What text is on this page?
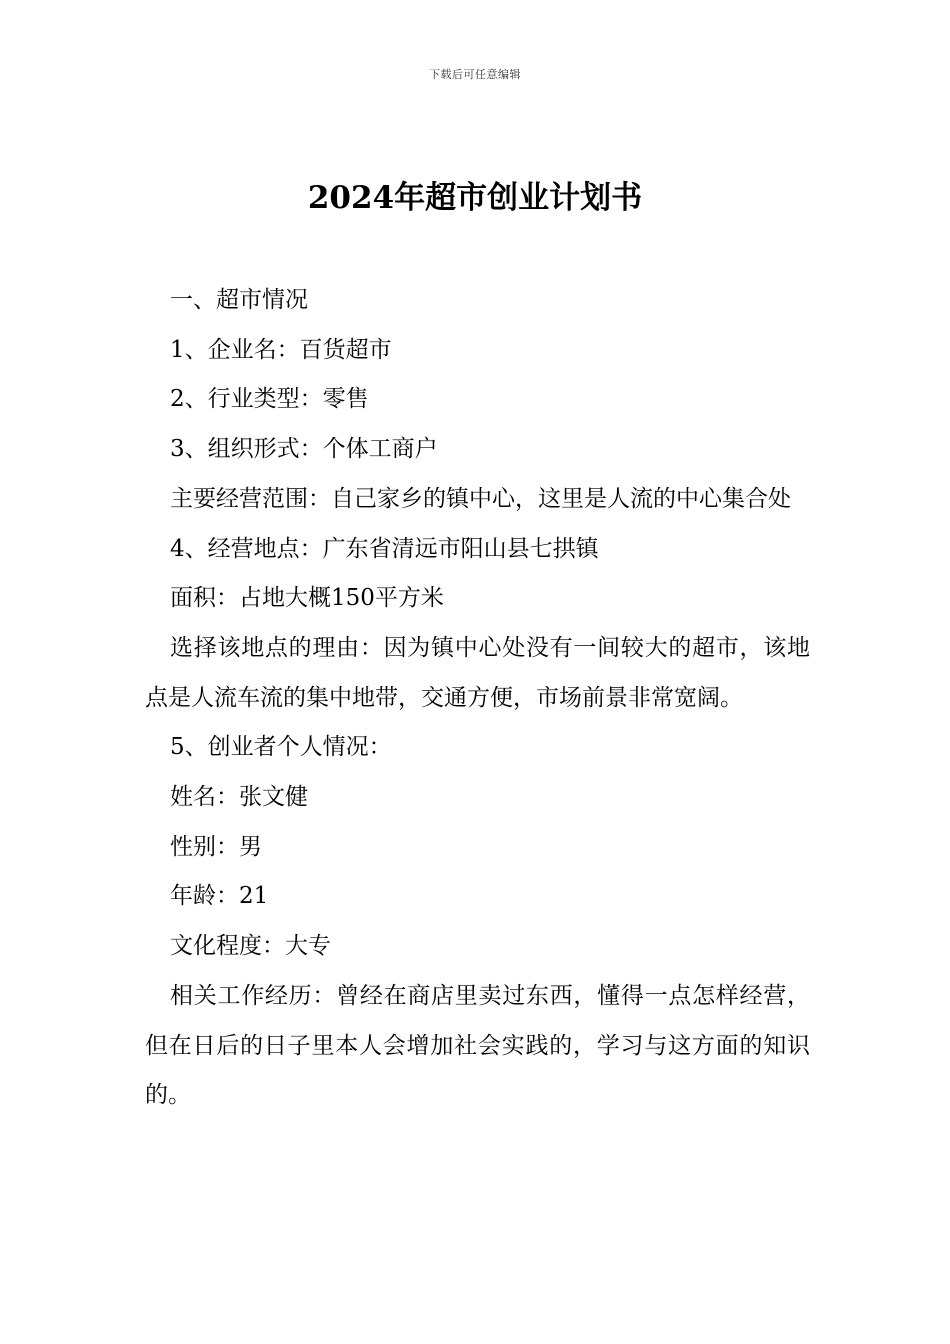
下载后可任意编辑
2024年超市创业计划书

一、超市情况

1、企业名：百货超市

2、行业类型：零售

3、组织形式：个体工商户

主要经营范围：自己家乡的镇中心，这里是人流的中心集合处

4、经营地点：广东省清远市阳山县七拱镇

面积：占地大概150平方米

选择该地点的理由：因为镇中心处没有一间较大的超市，该地点是人流车流的集中地带，交通方便，市场前景非常宽阔。

5、创业者个人情况：

姓名：张文健

性别：男

年龄：21

文化程度：大专

相关工作经历：曾经在商店里卖过东西，懂得一点怎样经营，但在日后的日子里本人会增加社会实践的，学习与这方面的知识的。
